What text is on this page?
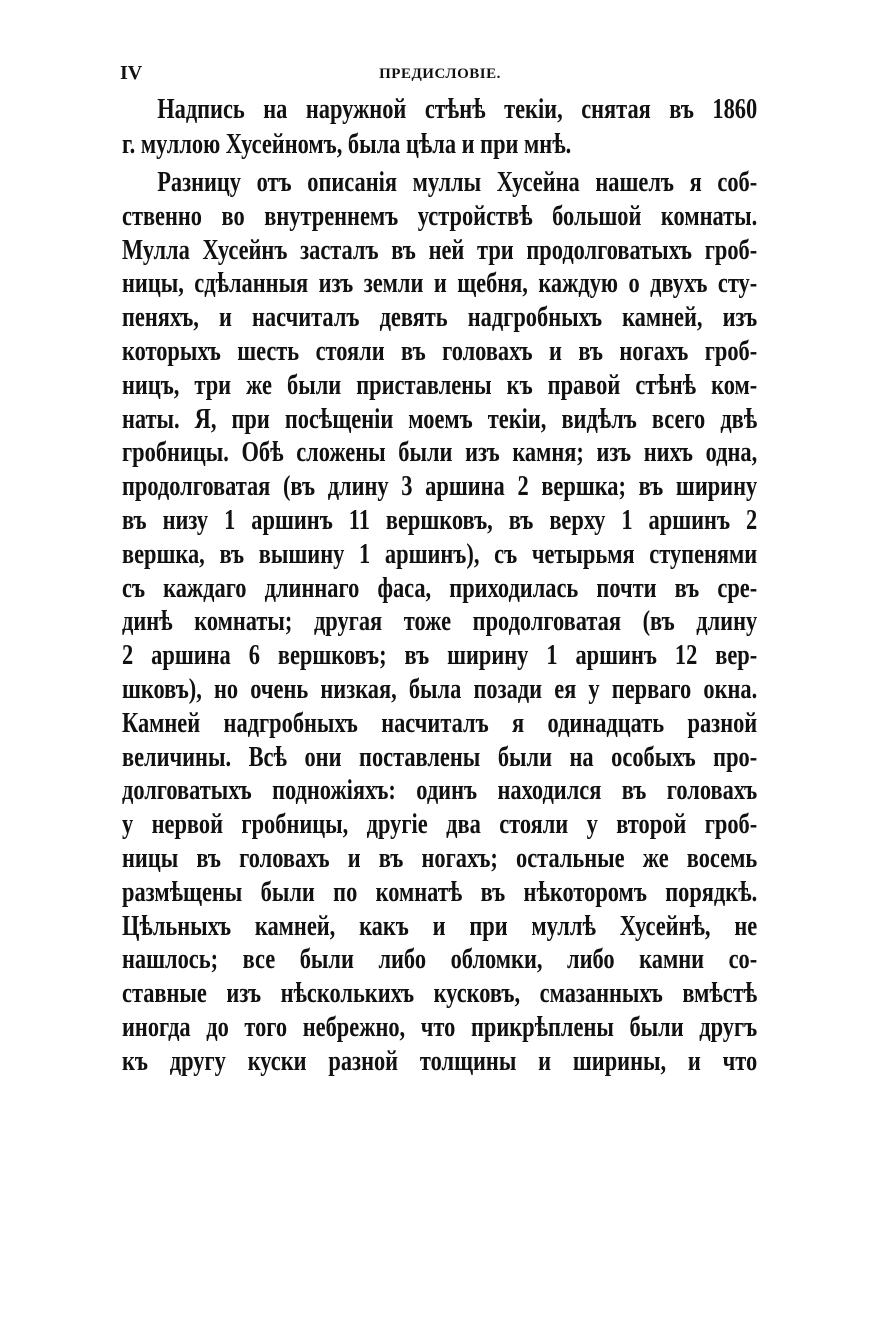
IV	ПРЕДИСЛОВІЕ.
Надпись на наружной стѣнѣ текіи, снятая въ 1860
г. муллою Хусейномъ, была цѣла и при мнѣ.
Разницу отъ описанія муллы Хусейна нашелъ я соб-
ственно во внутреннемъ устройствѣ большой комнаты.
Мулла Хусейнъ засталъ въ ней три продолговатыхъ гроб-
ницы, сдѣланныя изъ земли и щебня, каждую о двухъ сту-
пеняхъ, и насчиталъ девять надгробныхъ камней, изъ
которыхъ шесть стояли въ головахъ и въ ногахъ гроб-
ницъ, три же были приставлены къ правой стѣнѣ ком-
наты. Я, при посѣщеніи моемъ текіи, видѣлъ всего двѣ
гробницы. Обѣ сложены были изъ камня; изъ нихъ одна,
продолговатая (въ длину 3 аршина 2 вершка; въ ширину
въ низу 1 аршинъ 11 вершковъ, въ верху 1 аршинъ 2
вершка, въ вышину 1 аршинъ), съ четырьмя ступенями
съ каждаго длиннаго фаса, приходилась почти въ сре-
динѣ комнаты; другая тоже продолговатая (въ длину
2 аршина 6 вершковъ; въ ширину 1 аршинъ 12 вер-
шковъ), но очень низкая, была позади ея у перваго окна.
Камней надгробныхъ насчиталъ я одинадцать разной
величины. Всѣ они поставлены были на особыхъ про-
долговатыхъ подножіяхъ: одинъ находился въ головахъ
у нервой гробницы, другіе два стояли у второй гроб-
ницы въ головахъ и въ ногахъ; остальные же восемь
размѣщены были по комнатѣ въ нѣкоторомъ порядкѣ.
Цѣльныхъ камней, какъ и при муллѣ Хусейнѣ, не
нашлось; все были либо обломки, либо камни со-
ставные изъ нѣсколькихъ кусковъ, смазанныхъ вмѣстѣ
иногда до того небрежно, что прикрѣплены были другъ
къ другу куски разной толщины и ширины, и что
